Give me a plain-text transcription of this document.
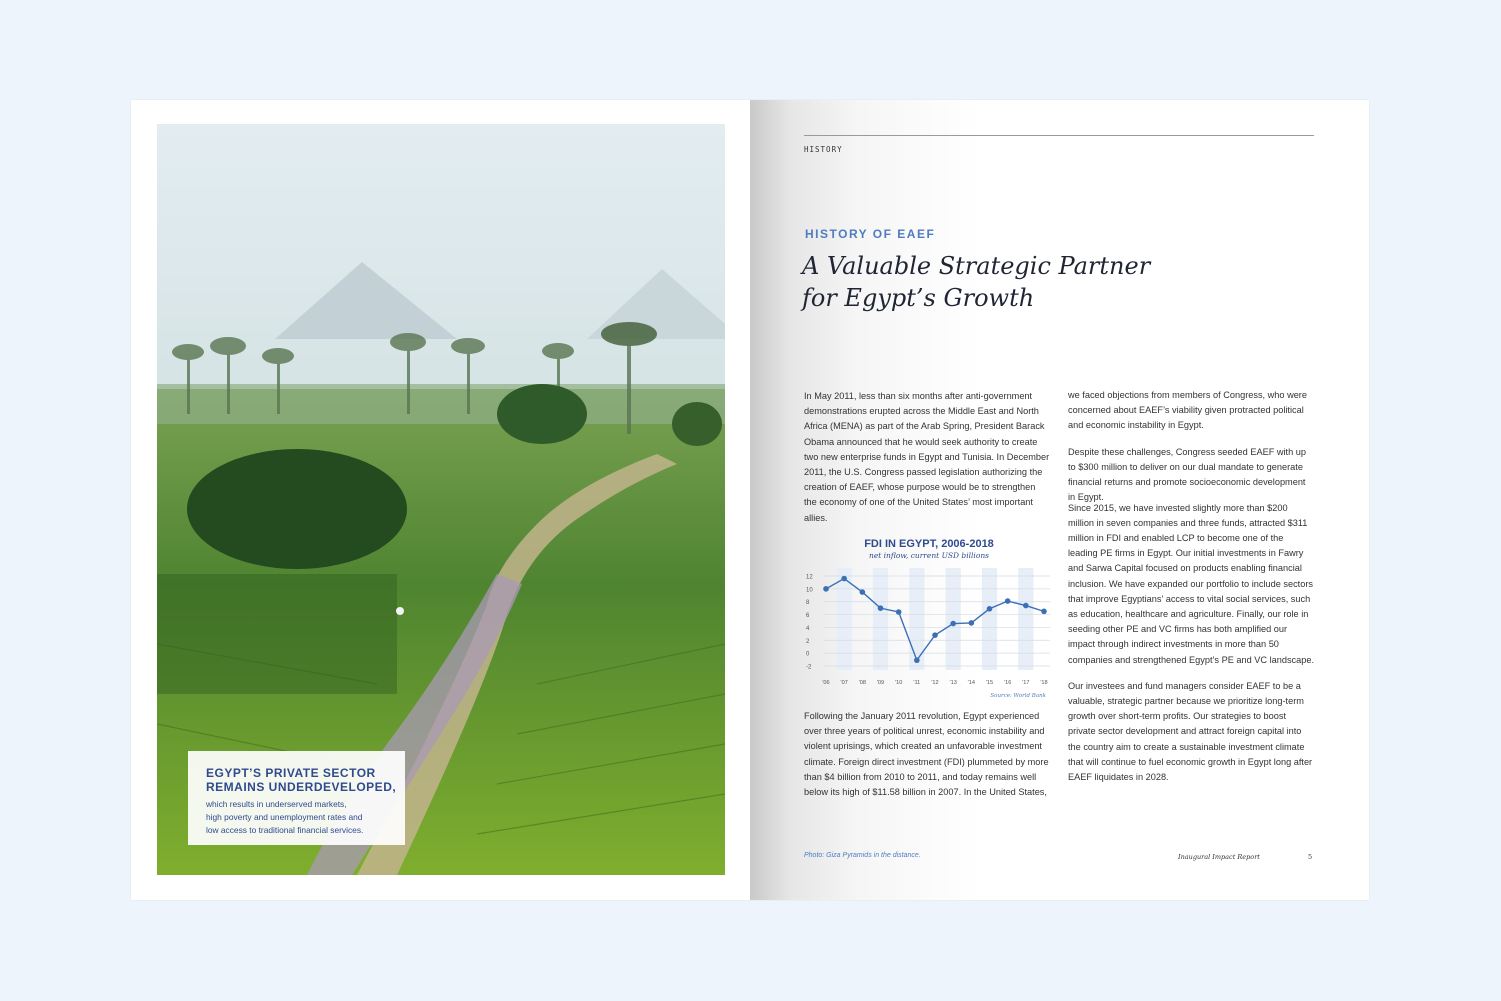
EGYPT’S PRIVATE SECTOR
REMAINS UNDERDEVELOPED,
which results in underserved markets,
high poverty and unemployment rates and
low access to traditional financial services.
HISTORY
HISTORY OF EAEF
A Valuable Strategic Partner
for Egypt’s Growth

In May 2011, less than six months after anti-government demonstrations erupted across the Middle East and North Africa (MENA) as part of the Arab Spring, President Barack Obama announced that he would seek authority to create two new enterprise funds in Egypt and Tunisia. In December 2011, the U.S. Congress passed legislation authorizing the creation of EAEF, whose purpose would be to strengthen the economy of one of the United States’ most important allies.

FDI IN EGYPT, 2006-2018
net inflow, current USD billions
12
10
8
6
4
2
0
-2
'06 '07 '08 '09 '10 '11 '12 '13 '14 '15 '16 '17 '18
Source: World Bank

Following the January 2011 revolution, Egypt experienced over three years of political unrest, economic instability and violent uprisings, which created an unfavorable investment climate. Foreign direct investment (FDI) plummeted by more than $4 billion from 2010 to 2011, and today remains well below its high of $11.58 billion in 2007. In the United States,

we faced objections from members of Congress, who were concerned about EAEF’s viability given protracted political and economic instability in Egypt.

Despite these challenges, Congress seeded EAEF with up to $300 million to deliver on our dual mandate to generate financial returns and promote socioeconomic development in Egypt.

Since 2015, we have invested slightly more than $200 million in seven companies and three funds, attracted $311 million in FDI and enabled LCP to become one of the leading PE firms in Egypt. Our initial investments in Fawry and Sarwa Capital focused on products enabling financial inclusion. We have expanded our portfolio to include sectors that improve Egyptians’ access to vital social services, such as education, healthcare and agriculture. Finally, our role in seeding other PE and VC firms has both amplified our impact through indirect investments in more than 50 companies and strengthened Egypt’s PE and VC landscape.

Our investees and fund managers consider EAEF to be a valuable, strategic partner because we prioritize long-term growth over short-term profits. Our strategies to boost private sector development and attract foreign capital into the country aim to create a sustainable investment climate that will continue to fuel economic growth in Egypt long after EAEF liquidates in 2028.

Photo: Giza Pyramids in the distance.	Inaugural Impact Report	5
